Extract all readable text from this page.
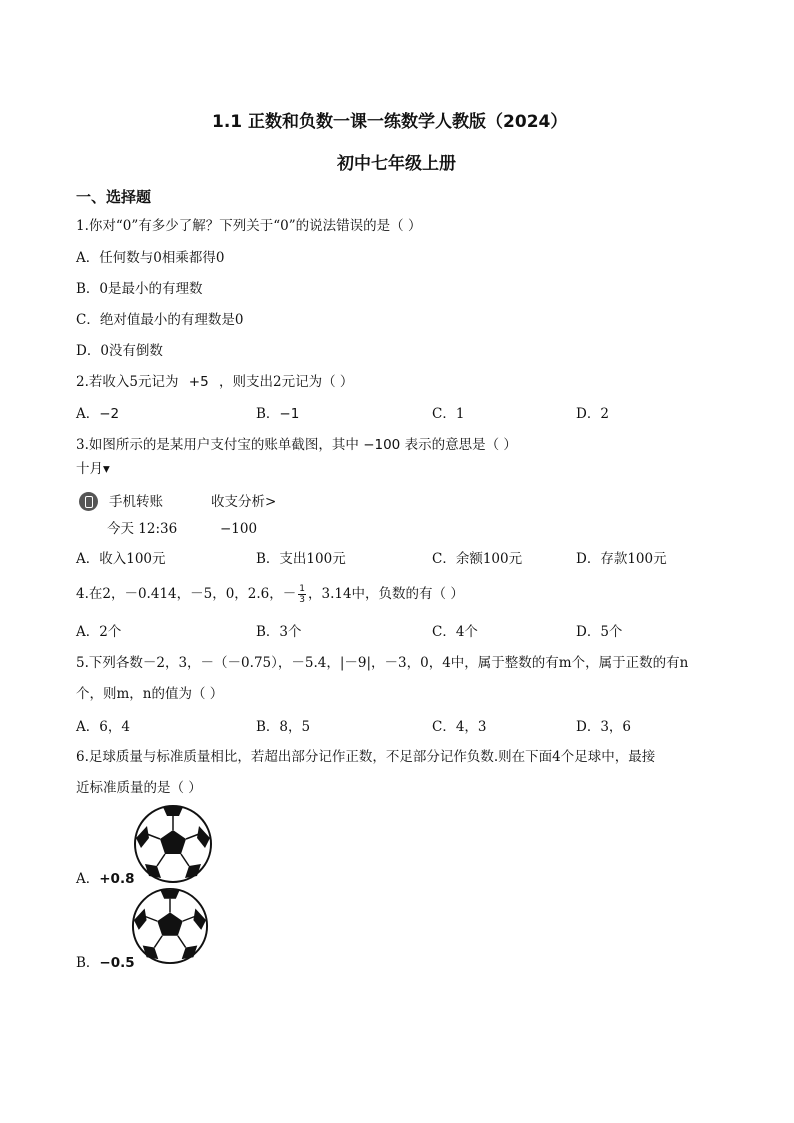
1.1 正数和负数一课一练数学人教版（2024）
初中七年级上册
一、选择题
1.你对“0”有多少了解？下列关于“0”的说法错误的是（ ）
A．任何数与0相乘都得0
B．0是最小的有理数
C．绝对值最小的有理数是0
D．0没有倒数
2.若收入5元记为 +5 ，则支出2元记为（ ）
A．−2	B．−1	C．1	D．2
3.如图所示的是某用户支付宝的账单截图，其中 −100 表示的意思是（ ）
十月▾
手机转账	收支分析>
今天 12:36	−100
A．收入100元	B．支出100元	C．余额100元	D．存款100元
4.在2，－0.414，－5，0，2.6，－ $\frac{1}{3}$ ，3.14中，负数的有（ ）
A．2个	B．3个	C．4个	D．5个
5.下列各数－2，3，－（－0.75），－5.4，|－9|，－3，0，4中，属于整数的有m个，属于正数的有n
个，则m，n的值为（ ）
A．6，4	B．8，5	C．4，3	D．3，6
6.足球质量与标准质量相比，若超出部分记作正数，不足部分记作负数.则在下面4个足球中，最接
近标准质量的是（ ）
A．+0.8
B．−0.5
